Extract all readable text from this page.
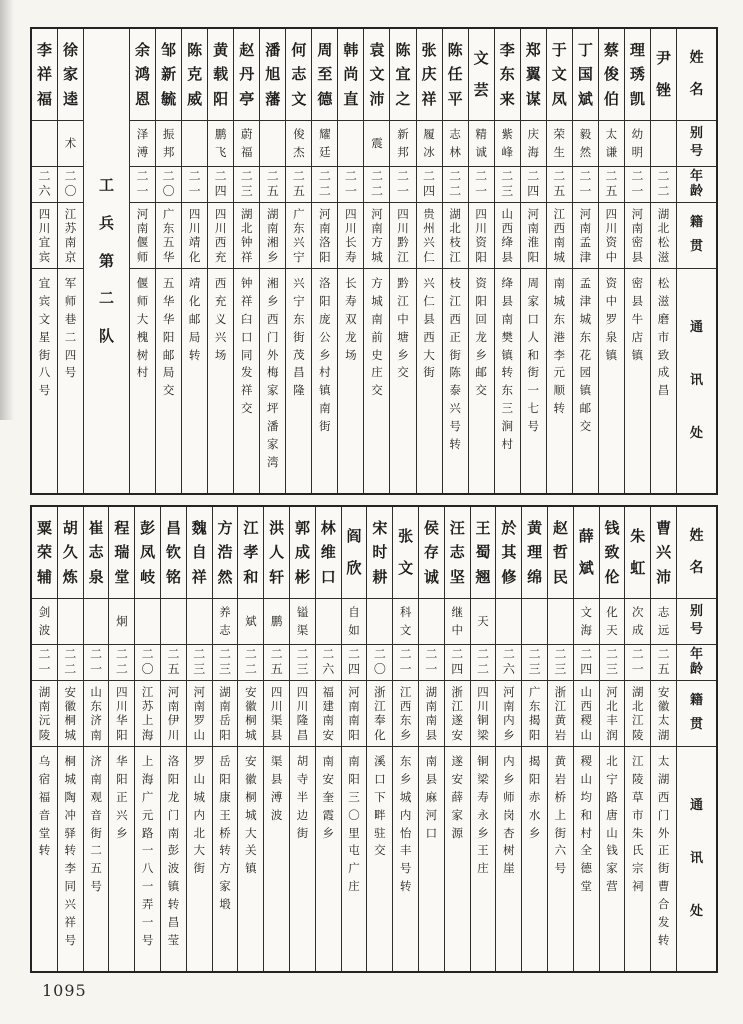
姓
名
别
号
年
龄
籍
贯
通
讯
处
尹
锉
二
二
湖
北
松
滋
松
滋
磨
市
致
成
昌
理
琇
凯
幼
明
二
一
河
南
密
县
密
县
牛
店
镇
蔡
俊
伯
太
谦
二
五
四
川
资
中
资
中
罗
泉
镇
丁
国
斌
毅
然
二
一
河
南
孟
津
孟
津
城
东
花
园
镇
邮
交
于
文
凤
荣
生
二
五
江
西
南
城
南
城
东
港
李
元
顺
转
郑
翼
谋
庆
海
二
四
河
南
淮
阳
周
家
口
人
和
街
一
七
号
李
东
来
紫
峰
二
三
山
西
绛
县
绛
县
南
樊
镇
转
东
三
涧
村
文
芸
精
诚
二
一
四
川
资
阳
资
阳
回
龙
乡
邮
交
陈
任
平
志
林
二
二
湖
北
枝
江
枝
江
西
正
街
陈
泰
兴
号
转
张
庆
祥
履
冰
二
四
贵
州
兴
仁
兴
仁
县
西
大
街
陈
宜
之
新
邦
二
一
四
川
黔
江
黔
江
中
塘
乡
交
袁
文
沛
震
二
二
河
南
方
城
方
城
南
前
史
庄
交
韩
尚
直
二
一
四
川
长
寿
长
寿
双
龙
场
周
至
德
耀
廷
二
二
河
南
洛
阳
洛
阳
庞
公
乡
村
镇
南
街
何
志
文
俊
杰
二
五
广
东
兴
宁
兴
宁
东
街
茂
昌
隆
潘
旭
藩
二
五
湖
南
湘
乡
湘
乡
西
门
外
梅
家
坪
潘
家
湾
赵
丹
亭
蔚
福
二
三
湖
北
钟
祥
钟
祥
臼
口
同
发
祥
交
黄
载
阳
鹏
飞
二
四
四
川
西
充
西
充
义
兴
场
陈
克
威
二
一
四
川
靖
化
靖
化
邮
局
转
邹
新
毓
振
邦
二
〇
广
东
五
华
五
华
华
阳
邮
局
交
余
鸿
恩
泽
溥
二
一
河
南
偃
师
偃
师
大
槐
树
村
工
兵
第
二
队
徐
家
逵
术
二
〇
江
苏
南
京
军
师
巷
二
四
号
李
祥
福
二
六
四
川
宜
宾
宜
宾
文
星
街
八
号
姓
名
别
号
年
龄
籍
贯
通
讯
处
曹
兴
沛
志
远
二
五
安
徽
太
湖
太
湖
西
门
外
正
街
曹
合
发
转
朱
虹
次
成
二
一
湖
北
江
陵
江
陵
草
市
朱
氏
宗
祠
钱
致
伦
化
天
二
三
河
北
丰
润
北
宁
路
唐
山
钱
家
营
薛
斌
文
海
二
四
山
西
稷
山
稷
山
均
和
村
全
德
堂
赵
哲
民
二
三
浙
江
黄
岩
黄
岩
桥
上
街
六
号
黄
理
绵
二
三
广
东
揭
阳
揭
阳
赤
水
乡
於
其
修
二
六
河
南
内
乡
内
乡
师
岗
杏
树
崖
王
蜀
翘
天
二
二
四
川
铜
梁
铜
梁
寿
永
乡
王
庄
汪
志
坚
继
中
二
四
浙
江
遂
安
遂
安
薛
家
源
侯
存
诚
二
一
湖
南
南
县
南
县
麻
河
口
张
文
科
文
二
一
江
西
东
乡
东
乡
城
内
怡
丰
号
转
宋
时
耕
二
〇
浙
江
奉
化
溪
口
下
畔
驻
交
阎
欣
自
如
二
四
河
南
南
阳
南
阳
三
〇
里
屯
广
庄
林
维
口
二
六
福
建
南
安
南
安
奎
霞
乡
郭
成
彬
镒
渠
二
三
四
川
隆
昌
胡
寺
半
边
街
洪
人
轩
鹏
二
五
四
川
渠
县
渠
县
溥
波
江
孝
和
斌
二
二
安
徽
桐
城
安
徽
桐
城
大
关
镇
方
浩
然
养
志
二
三
湖
南
岳
阳
岳
阳
康
王
桥
转
方
家
塅
魏
自
祥
二
三
河
南
罗
山
罗
山
城
内
北
大
街
昌
钦
铭
二
五
河
南
伊
川
洛
阳
龙
门
南
彭
波
镇
转
昌
莹
彭
凤
岐
二
〇
江
苏
上
海
上
海
广
元
路
一
八
一
弄
一
号
程
瑞
堂
炯
二
二
四
川
华
阳
华
阳
正
兴
乡
崔
志
泉
二
一
山
东
济
南
济
南
观
音
街
二
五
号
胡
久
炼
二
二
安
徽
桐
城
桐
城
陶
冲
驿
转
李
同
兴
祥
号
粟
荣
辅
剑
波
二
一
湖
南
沅
陵
乌
宿
福
音
堂
转
1095
